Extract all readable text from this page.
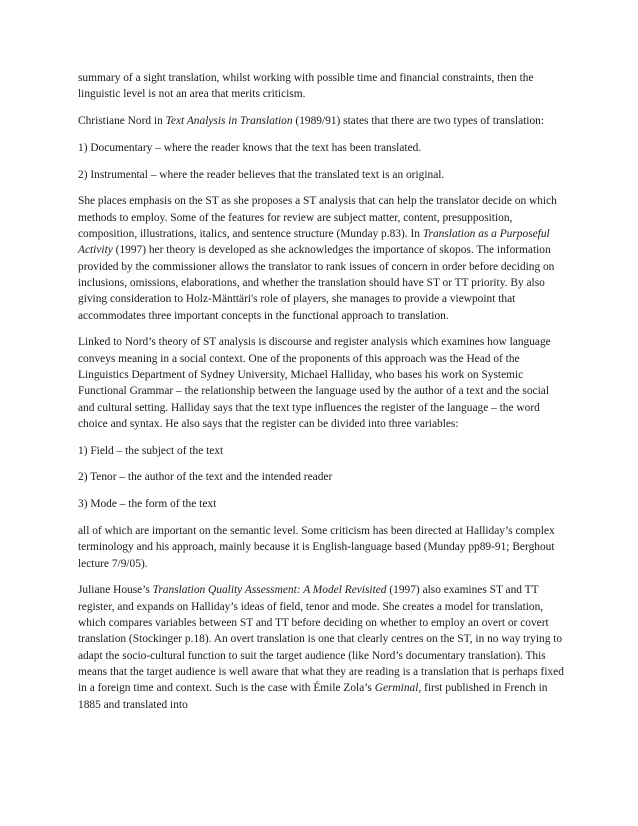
summary of a sight translation, whilst working with possible time and financial constraints, then the linguistic level is not an area that merits criticism.

Christiane Nord in Text Analysis in Translation (1989/91) states that there are two types of translation:

1) Documentary – where the reader knows that the text has been translated.

2) Instrumental – where the reader believes that the translated text is an original.

She places emphasis on the ST as she proposes a ST analysis that can help the translator decide on which methods to employ. Some of the features for review are subject matter, content, presupposition, composition, illustrations, italics, and sentence structure (Munday p.83). In Translation as a Purposeful Activity (1997) her theory is developed as she acknowledges the importance of skopos. The information provided by the commissioner allows the translator to rank issues of concern in order before deciding on inclusions, omissions, elaborations, and whether the translation should have ST or TT priority. By also giving consideration to Holz-Mänttäri's role of players, she manages to provide a viewpoint that accommodates three important concepts in the functional approach to translation.

Linked to Nord’s theory of ST analysis is discourse and register analysis which examines how language conveys meaning in a social context. One of the proponents of this approach was the Head of the Linguistics Department of Sydney University, Michael Halliday, who bases his work on Systemic Functional Grammar – the relationship between the language used by the author of a text and the social and cultural setting. Halliday says that the text type influences the register of the language – the word choice and syntax. He also says that the register can be divided into three variables:

1) Field – the subject of the text

2) Tenor – the author of the text and the intended reader

3) Mode – the form of the text

all of which are important on the semantic level. Some criticism has been directed at Halliday’s complex terminology and his approach, mainly because it is English-language based (Munday pp89-91; Berghout lecture 7/9/05).

Juliane House’s Translation Quality Assessment: A Model Revisited (1997) also examines ST and TT register, and expands on Halliday’s ideas of field, tenor and mode. She creates a model for translation, which compares variables between ST and TT before deciding on whether to employ an overt or covert translation (Stockinger p.18). An overt translation is one that clearly centres on the ST, in no way trying to adapt the socio-cultural function to suit the target audience (like Nord’s documentary translation). This means that the target audience is well aware that what they are reading is a translation that is perhaps fixed in a foreign time and context. Such is the case with Émile Zola’s Germinal, first published in French in 1885 and translated into
